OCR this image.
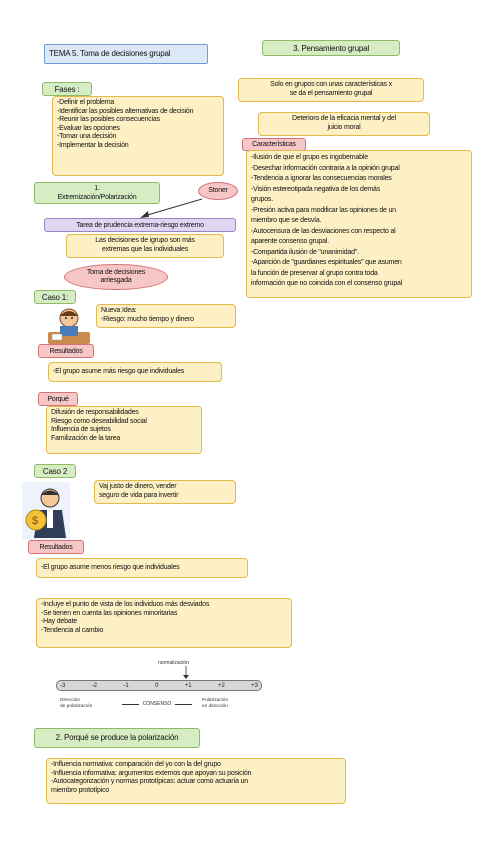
TEMA 5. Toma de decisiones grupal
Fases :
-Definir el problema
-Identificar las posibles alternativas de decisión
-Reunir las posibles consecuencias
-Evaluar las opciones
-Tomar una decisión
-Implementar la decisión
1.
Extremización/Polarización
Stoner
Tarea de prudencia extrema-riesgo extremo
Las decisiones de igrupo son más
extremas que las individuales
Toma de decisiones
arriesgada
Caso 1:
Nueva Idea:
-Riesgo: mucho tiempo y dinero
Resultados
-El grupo asume más riesgo que individuales
Porqué
Difusión de responsabilidades
Riesgo como deseabilidad social
Influencia de sujetos
Familización de la tarea
Caso 2
$
Vaj justo de dinero, vender
seguro de vida para invertir
Resultados
-El grupo asume menos riesgo que individuales
-Incluye el punto de vista de los individuos más desviados
-Se tienen en cuenta las opiniones minoritarias
-Hay debate
-Tendencia al cambio
normalización
-3	-2	-1	0	+1	+2	+3
Dirección
de polarización	CONSENSO
Polarización
en dirección
2. Porqué se produce la polarización
-Influencia normativa: comparación del yo con la del grupo
-Influencia informativa: argumentos externos que apoyan su posición
-Autocategorización y normas prototípicas: actuar como actuaría un
miembro prototípico
3. Pensamiento grupal
Solo en grupos con unas características x
se da el pensamiento grupal
Deterioro de la eficacia mental y del
juicio moral
Características
-Ilusión de que el grupo es ingobernable
-Desechar información contraria a la opinión grupal
-Tendencia a ignorar las consecuencias morales
-Visión estereotipada negativa de los demás
grupos.
-Presión activa para modificar las opiniones de un
miembro que se desvía.
-Autocensura de las desviaciones con respecto al
aparente consenso grupal.
-Compartida ilusión de "unanimidad".
-Aparición de "guardianes espirituales" que asumen
la función de preservar al grupo contra toda
información que no coincida con el consenso grupal
